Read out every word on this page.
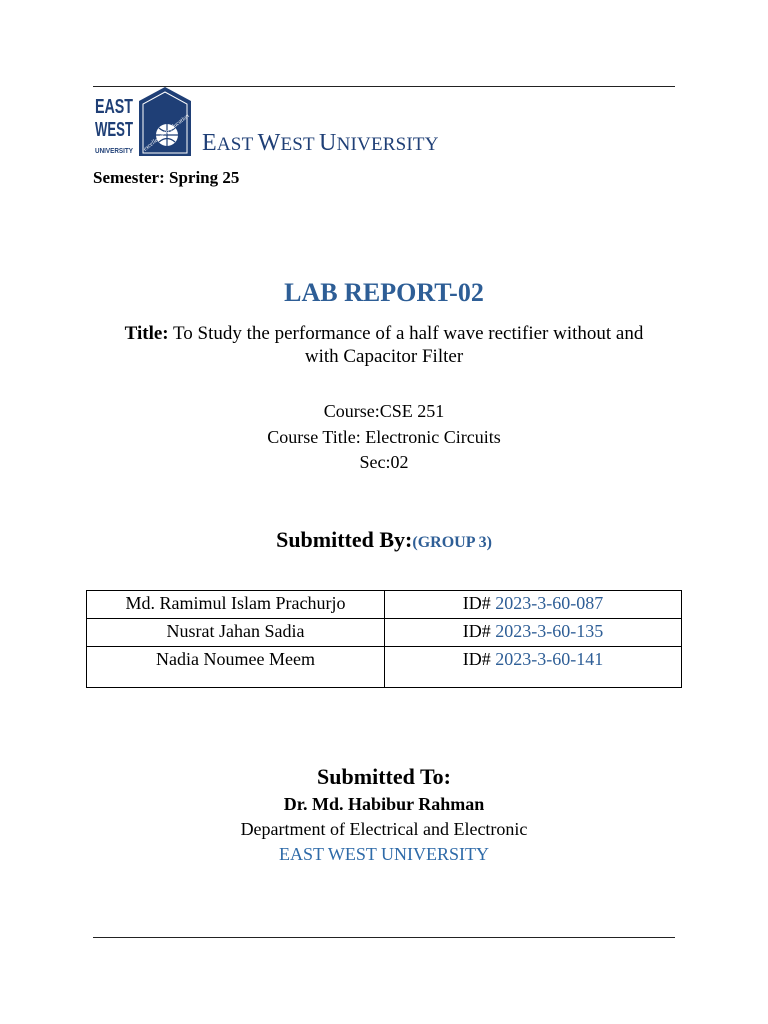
EAST
WEST
UNIVERSITY excellence in education EAST WEST UNIVERSITY
Semester: Spring 25
LAB REPORT-02
Title: To Study the performance of a half wave rectifier without and
with Capacitor Filter
Course:CSE 251
Course Title: Electronic Circuits
Sec:02
Submitted By:(GROUP 3)
Md. Ramimul Islam Prachurjo	ID# 2023-3-60-087
Nusrat Jahan Sadia	ID# 2023-3-60-135
Nadia Noumee Meem	ID# 2023-3-60-141
Submitted To:
Dr. Md. Habibur Rahman
Department of Electrical and Electronic
EAST WEST UNIVERSITY
